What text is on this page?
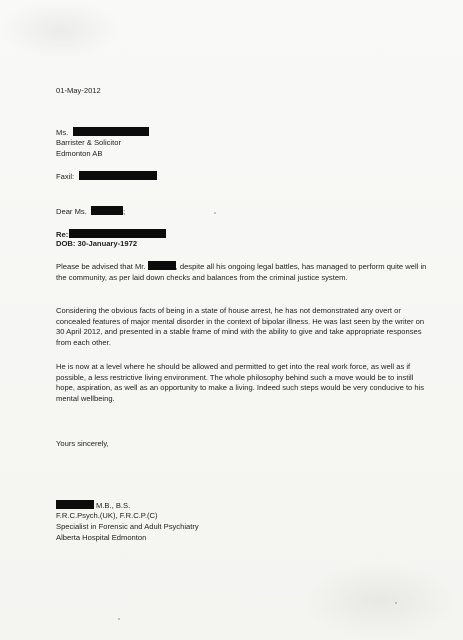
01-May-2012
Ms.
Barrister & Solicitor
Edmonton AB
Faxil:
Dear Ms.	;
Re:
DOB: 30-January-1972
Please be advised that Mr.	, despite all his ongoing legal battles, has managed to perform quite well in the community, as per laid down checks and balances from the criminal justice system.
Considering the obvious facts of being in a state of house arrest, he has not demonstrated any overt or concealed features of major mental disorder in the context of bipolar illness. He was last seen by the writer on 30 April 2012, and presented in a stable frame of mind with the ability to give and take appropriate responses from each other.
He is now at a level where he should be allowed and permitted to get into the real work force, as well as if possible, a less restrictive living environment. The whole philosophy behind such a move would be to instill hope, aspiration, as well as an opportunity to make a living. Indeed such steps would be very conducive to his mental wellbeing.
Yours sincerely,
M.B., B.S.
F.R.C.Psych.(UK), F.R.C.P.(C)
Specialist in Forensic and Adult Psychiatry
Alberta Hospital Edmonton
